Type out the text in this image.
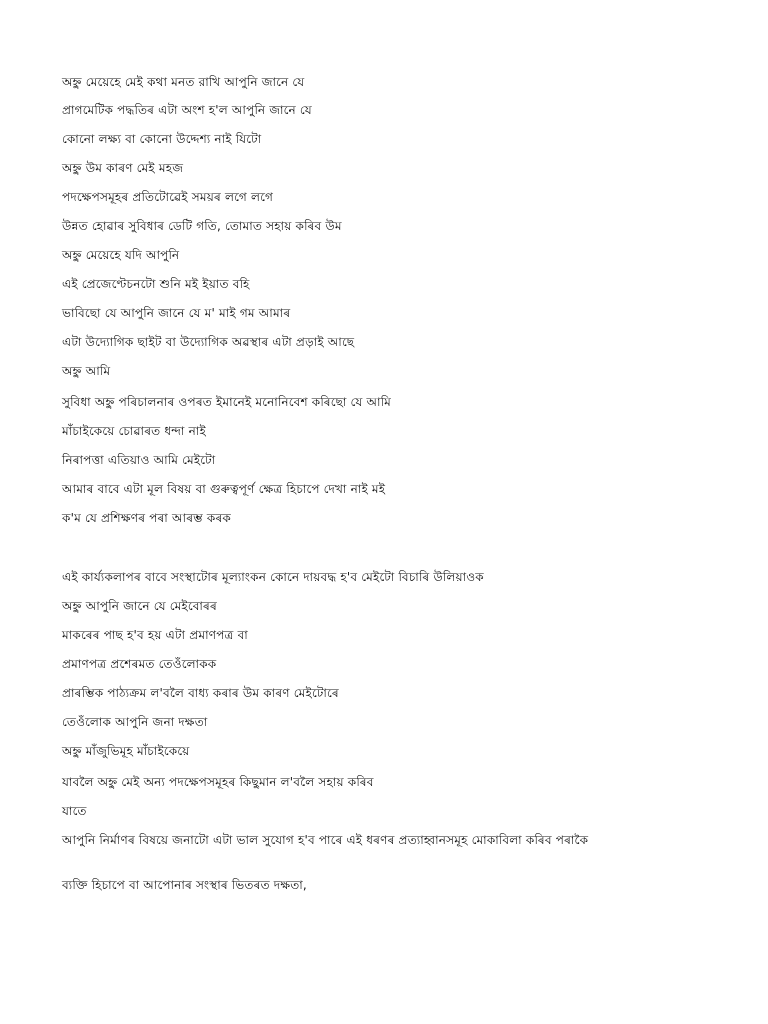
অহ্নু মেয়েহে মেই কথা মনত রাখি আপুনি জানে যে
প্ৰাগমেটিক পদ্ধতিৰ এটা অংশ হ'ল আপুনি জানে যে
কোনো লক্ষ্য বা কোনো উদ্দেশ্য নাই যিটো
অহ্নু উম কাৰণ মেই মহজ
পদক্ষেপসমূহৰ প্ৰতিটোৱেই সময়ৰ লগে লগে
উন্নত হোৱাৰ সুবিধাৰ ডেটি গতি, তোমাত সহায় কৰিব উম
অহ্নু মেয়েহে যদি আপুনি
এই প্ৰেজেণ্টেচনটো শুনি মই ইয়াত বহি
ভাবিছো যে আপুনি জানে যে ম' মাই গম আমাৰ
এটা উদ্যোগিক ছাইট বা উদ্যোগিক অৱস্থাৰ এটা প্ৰড়াই আছে
অহ্নু আমি
সুবিধা অহ্নু পৰিচালনাৰ ওপৰত ইমানেই মনোনিবেশ কৰিছো যে আমি
মাঁচাইকেয়ে চোৱাৰত ধন্দা নাই
নিৰাপত্তা এতিয়াও আমি মেইটো
আমাৰ বাবে এটা মূল বিষয় বা গুৰুত্বপূৰ্ণ ক্ষেত্ৰ হিচাপে দেখা নাই মই
ক'ম যে প্ৰশিক্ষণৰ পৰা আৰম্ভ কৰক
এই কাৰ্য্যকলাপৰ বাবে সংস্থাটোৰ মূল্যাংকন কোনে দায়বদ্ধ হ'ব মেইটো বিচাৰি উলিয়াওক
অহ্নু আপুনি জানে যে মেইবোৰৰ
মাকৰেৰ পাছ হ'ব হয় এটা প্ৰমাণপত্ৰ বা
প্ৰমাণপত্ৰ প্ৰশেৰমত তেওঁলোকক
প্ৰাৰম্ভিক পাঠ্যক্ৰম ল'বলৈ বাধ্য কৰাৰ উম কাৰণ মেইটোৰে
তেওঁলোক আপুনি জনা দক্ষতা
অহ্নু মাঁজুভিমূহ মাঁচাইকেয়ে
যাবলৈ অহ্নু মেই অন্য পদক্ষেপসমূহৰ কিছুমান ল'বলৈ সহায় কৰিব
যাতে
আপুনি নিৰ্মাণৰ বিষয়ে জনাটো এটা ভাল সুযোগ হ'ব পাৰে এই ধৰণৰ প্ৰত্যাহ্বানসমূহ মোকাবিলা কৰিব পৰাকৈ
ব্যক্তি হিচাপে বা আপোনাৰ সংস্থাৰ ভিতৰত দক্ষতা,
